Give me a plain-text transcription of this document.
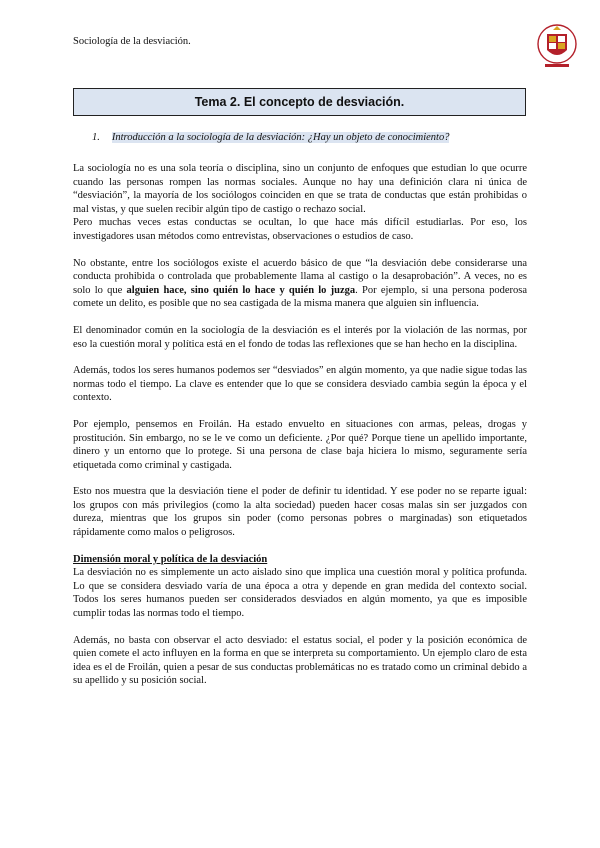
Sociología de la desviación.
Tema 2. El concepto de desviación.
1. Introducción a la sociología de la desviación: ¿Hay un objeto de conocimiento?

La sociología no es una sola teoría o disciplina, sino un conjunto de enfoques que estudian lo que ocurre cuando las personas rompen las normas sociales. Aunque no hay una definición clara ni única de “desviación”, la mayoría de los sociólogos coinciden en que se trata de conductas que están prohibidas o mal vistas, y que suelen recibir algún tipo de castigo o rechazo social.

Pero muchas veces estas conductas se ocultan, lo que hace más difícil estudiarlas. Por eso, los investigadores usan métodos como entrevistas, observaciones o estudios de caso.

No obstante, entre los sociólogos existe el acuerdo básico de que “la desviación debe considerarse una conducta prohibida o controlada que probablemente llama al castigo o la desaprobación”. A veces, no es solo lo que alguien hace, sino quién lo hace y quién lo juzga. Por ejemplo, si una persona poderosa comete un delito, es posible que no sea castigada de la misma manera que alguien sin influencia.

El denominador común en la sociología de la desviación es el interés por la violación de las normas, por eso la cuestión moral y política está en el fondo de todas las reflexiones que se han hecho en la disciplina.

Además, todos los seres humanos podemos ser “desviados” en algún momento, ya que nadie sigue todas las normas todo el tiempo. La clave es entender que lo que se considera desviado cambia según la época y el contexto.

Por ejemplo, pensemos en Froilán. Ha estado envuelto en situaciones con armas, peleas, drogas y prostitución. Sin embargo, no se le ve como un deficiente. ¿Por qué? Porque tiene un apellido importante, dinero y un entorno que lo protege. Si una persona de clase baja hiciera lo mismo, seguramente sería etiquetada como criminal y castigada.

Esto nos muestra que la desviación tiene el poder de definir tu identidad. Y ese poder no se reparte igual: los grupos con más privilegios (como la alta sociedad) pueden hacer cosas malas sin ser juzgados con dureza, mientras que los grupos sin poder (como personas pobres o marginadas) son etiquetados rápidamente como malos o peligrosos.

Dimensión moral y política de la desviación

La desviación no es simplemente un acto aislado sino que implica una cuestión moral y política profunda. Lo que se considera desviado varía de una época a otra y depende en gran medida del contexto social. Todos los seres humanos pueden ser considerados desviados en algún momento, ya que es imposible cumplir todas las normas todo el tiempo.

Además, no basta con observar el acto desviado: el estatus social, el poder y la posición económica de quien comete el acto influyen en la forma en que se interpreta su comportamiento. Un ejemplo claro de esta idea es el de Froilán, quien a pesar de sus conductas problemáticas no es tratado como un criminal debido a su apellido y su posición social.
